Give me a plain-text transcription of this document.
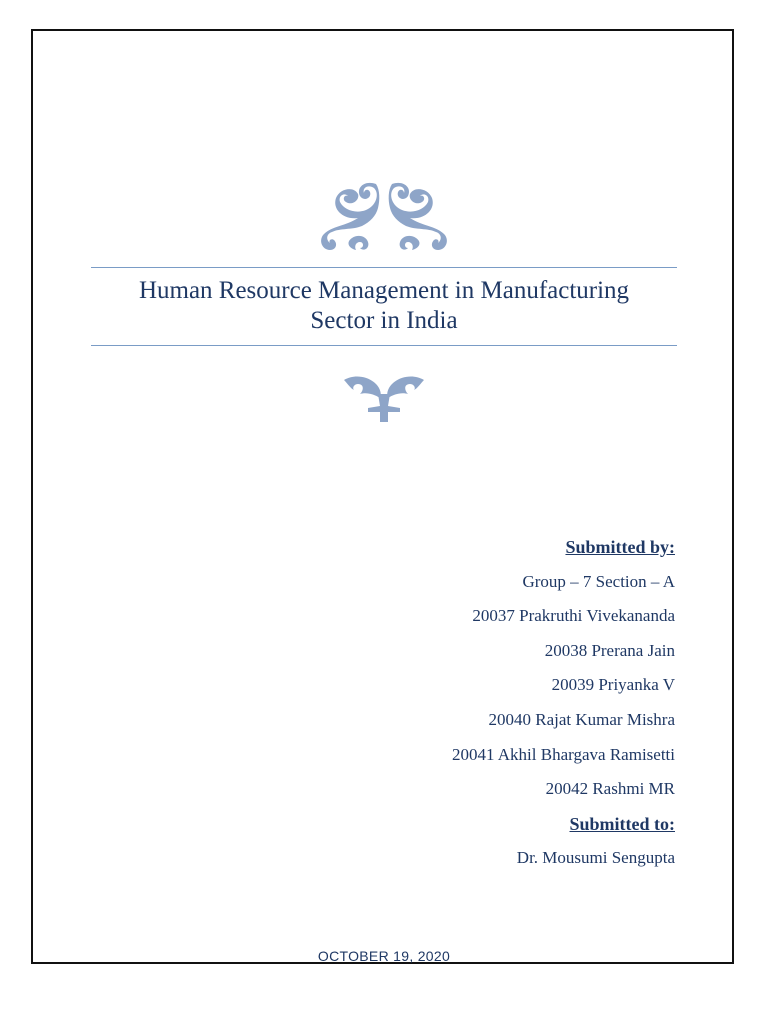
Human Resource Management in Manufacturing
Sector in India
Submitted by:
Group – 7 Section – A
20037 Prakruthi Vivekananda
20038 Prerana Jain
20039 Priyanka V
20040 Rajat Kumar Mishra
20041 Akhil Bhargava Ramisetti
20042 Rashmi MR
Submitted to:
Dr. Mousumi Sengupta
OCTOBER 19, 2020
